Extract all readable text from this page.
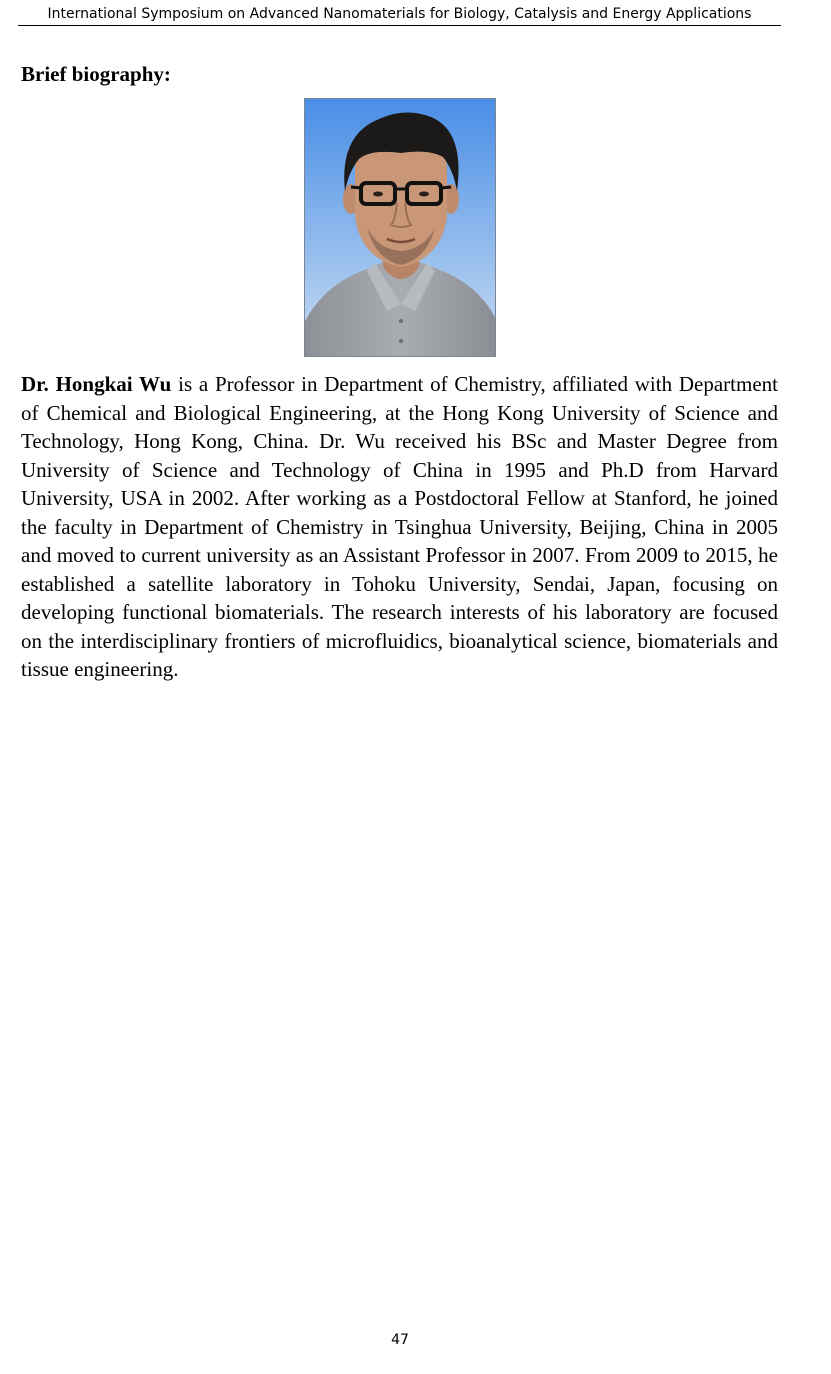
International Symposium on Advanced Nanomaterials for Biology, Catalysis and Energy Applications
Brief biography:

Dr. Hongkai Wu is a Professor in Department of Chemistry, affiliated with Department of Chemical and Biological Engineering, at the Hong Kong University of Science and Technology, Hong Kong, China. Dr. Wu received his BSc and Master Degree from University of Science and Technology of China in 1995 and Ph.D from Harvard University, USA in 2002. After working as a Postdoctoral Fellow at Stanford, he joined the faculty in Department of Chemistry in Tsinghua University, Beijing, China in 2005 and moved to current university as an Assistant Professor in 2007. From 2009 to 2015, he established a satellite laboratory in Tohoku University, Sendai, Japan, focusing on developing functional biomaterials. The research interests of his laboratory are focused on the interdisciplinary frontiers of microfluidics, bioanalytical science, biomaterials and tissue engineering.

47
